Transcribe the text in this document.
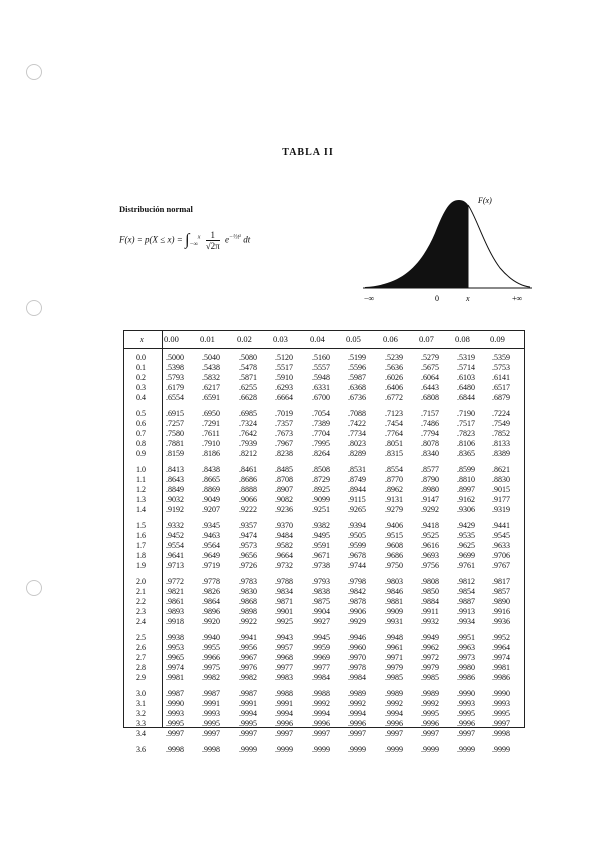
TABLA II
Distribución normal
$F(x) = p(X \le x) = \int_{-\infty}^x \frac{1}{√2\pi} e^{-\frac{1}{2}t^2}$ dt
F(x)
−∞	0	x	+∞
x 0.00 0.01	0.02 0.03	0.04 0.05	0.06 0.07 0.08 0.09
0.0	.5000 .5040 .5080 .5120 .5160 .5199 .5239 .5279 .5319 .5359
0.1	.5398 .5438 .5478 .5517 .5557 .5596 .5636 .5675 .5714 .5753
0.2	.5793 .5832 .5871 .5910 .5948 .5987 .6026 .6064 .6103 .6141
0.3	.6179 .6217 .6255 .6293 .6331 .6368 .6406 .6443 .6480 .6517
0.4	.6554 .6591 .6628 .6664 .6700 .6736 .6772 .6808 .6844 .6879
0.5	.6915 .6950 .6985 .7019 .7054 .7088 .7123 .7157 .7190 .7224
0.6	.7257 .7291 .7324 .7357 .7389 .7422 .7454 .7486 .7517 .7549
0.7	.7580 .7611 .7642 .7673 .7704 .7734 .7764 .7794 .7823 .7852
0.8	.7881 .7910 .7939 .7967 .7995 .8023 .8051 .8078 .8106 .8133
0.9	.8159 .8186 .8212 .8238 .8264 .8289 .8315 .8340 .8365 .8389
1.0	.8413 .8438 .8461 .8485 .8508 .8531 .8554 .8577 .8599 .8621
1.1	.8643 .8665 .8686 .8708 .8729 .8749 .8770 .8790 .8810 .8830
1.2	.8849 .8869 .8888 .8907 .8925 .8944 .8962 .8980 .8997 .9015
1.3	.9032 .9049 .9066 .9082 .9099 .9115 .9131 .9147 .9162 .9177
1.4	.9192 .9207 .9222 .9236 .9251 .9265 .9279 .9292 .9306 .9319
1.5	.9332 .9345 .9357 .9370 .9382 .9394 .9406 .9418 .9429 .9441
1.6	.9452 .9463 .9474 .9484 .9495 .9505 .9515 .9525 .9535 .9545
1.7	.9554 .9564 .9573 .9582 .9591 .9599 .9608 .9616 .9625 .9633
1.8	.9641 .9649 .9656 .9664 .9671 .9678 .9686 .9693 .9699 .9706
1.9	.9713 .9719 .9726 .9732 .9738 .9744 .9750 .9756 .9761 .9767
2.0	.9772 .9778 .9783 .9788 .9793 .9798 .9803 .9808 .9812 .9817
2.1	.9821 .9826 .9830 .9834 .9838 .9842 .9846 .9850 .9854 .9857
2.2	.9861 .9864 .9868 .9871 .9875 .9878 .9881 .9884 .9887 .9890
2.3	.9893 .9896 .9898 .9901 .9904 .9906 .9909 .9911 .9913 .9916
2.4	.9918 .9920 .9922 .9925 .9927 .9929 .9931 .9932 .9934 .9936
2.5	.9938 .9940 .9941 .9943 .9945 .9946 .9948 .9949 .9951 .9952
2.6	.9953 .9955 .9956 .9957 .9959 .9960 .9961 .9962 .9963 .9964
2.7	.9965 .9966 .9967 .9968 .9969 .9970 .9971 .9972 .9973 .9974
2.8	.9974 .9975 .9976 .9977 .9977 .9978 .9979 .9979 .9980 .9981
2.9	.9981 .9982 .9982 .9983 .9984 .9984 .9985 .9985 .9986 .9986
3.0	.9987 .9987 .9987 .9988 .9988 .9989 .9989 .9989 .9990 .9990
3.1	.9990 .9991 .9991 .9991 .9992 .9992 .9992 .9992 .9993 .9993
3.2	.9993 .9993 .9994 .9994 .9994 .9994 .9994 .9995 .9995 .9995
3.3	.9995 .9995 .9995 .9996 .9996 .9996 .9996 .9996 .9996 .9997
3.4	.9997 .9997 .9997 .9997 .9997 .9997 .9997 .9997 .9997 .9998
3.6	.9998 .9998 .9999 .9999 .9999 .9999 .9999 .9999 .9999 .9999
